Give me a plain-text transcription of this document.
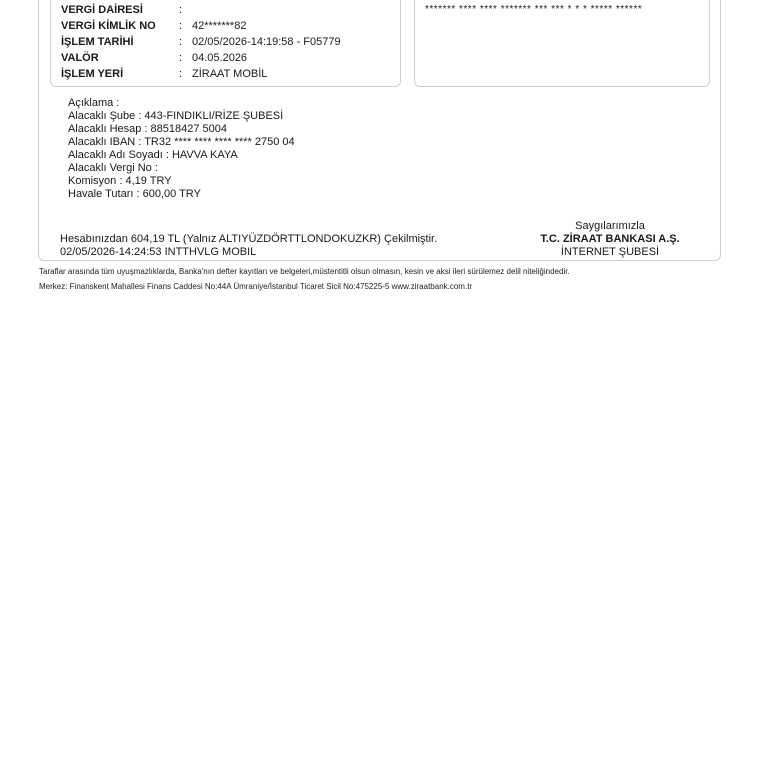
VERGİ DAİRESİ	:
VERGİ KİMLİK NO	: 42*******82
İŞLEM TARİHİ	: 02/05/2026-14:19:58 - F05779
VALÖR	: 04.05.2026
İŞLEM YERİ	: ZİRAAT MOBİL
******* **** **** ******* *** *** * * * ***** ******
Açıklama :
Alacaklı Şube : 443-FINDIKLI/RİZE ŞUBESİ
Alacaklı Hesap : 88518427 5004
Alacaklı IBAN : TR32 **** **** **** **** 2750 04
Alacaklı Adı Soyadı : HAVVA KAYA
Alacaklı Vergi No :
Komisyon : 4,19 TRY
Havale Tutarı : 600,00 TRY
Hesabınızdan 604,19 TL (Yalnız ALTIYÜZDÖRTTLONDOKUZKR) Çekilmiştir.
02/05/2026-14:24:53 INTTHVLG MOBIL
Saygılarımızla
T.C. ZİRAAT BANKASI A.Ş.
İNTERNET ŞUBESİ
Taraflar arasında tüm uyuşmazlıklarda, Banka'nın defter kayıtları ve belgeleri,müstentitli olsun olmasın, kesin ve aksi ileri sürülemez delil niteliğindedir.
Merkez: Finanskent Mahallesi Finans Caddesi No:44A Ümraniye/İstanbul Ticaret Sicil No:475225-5 www.ziraatbank.com.tr
